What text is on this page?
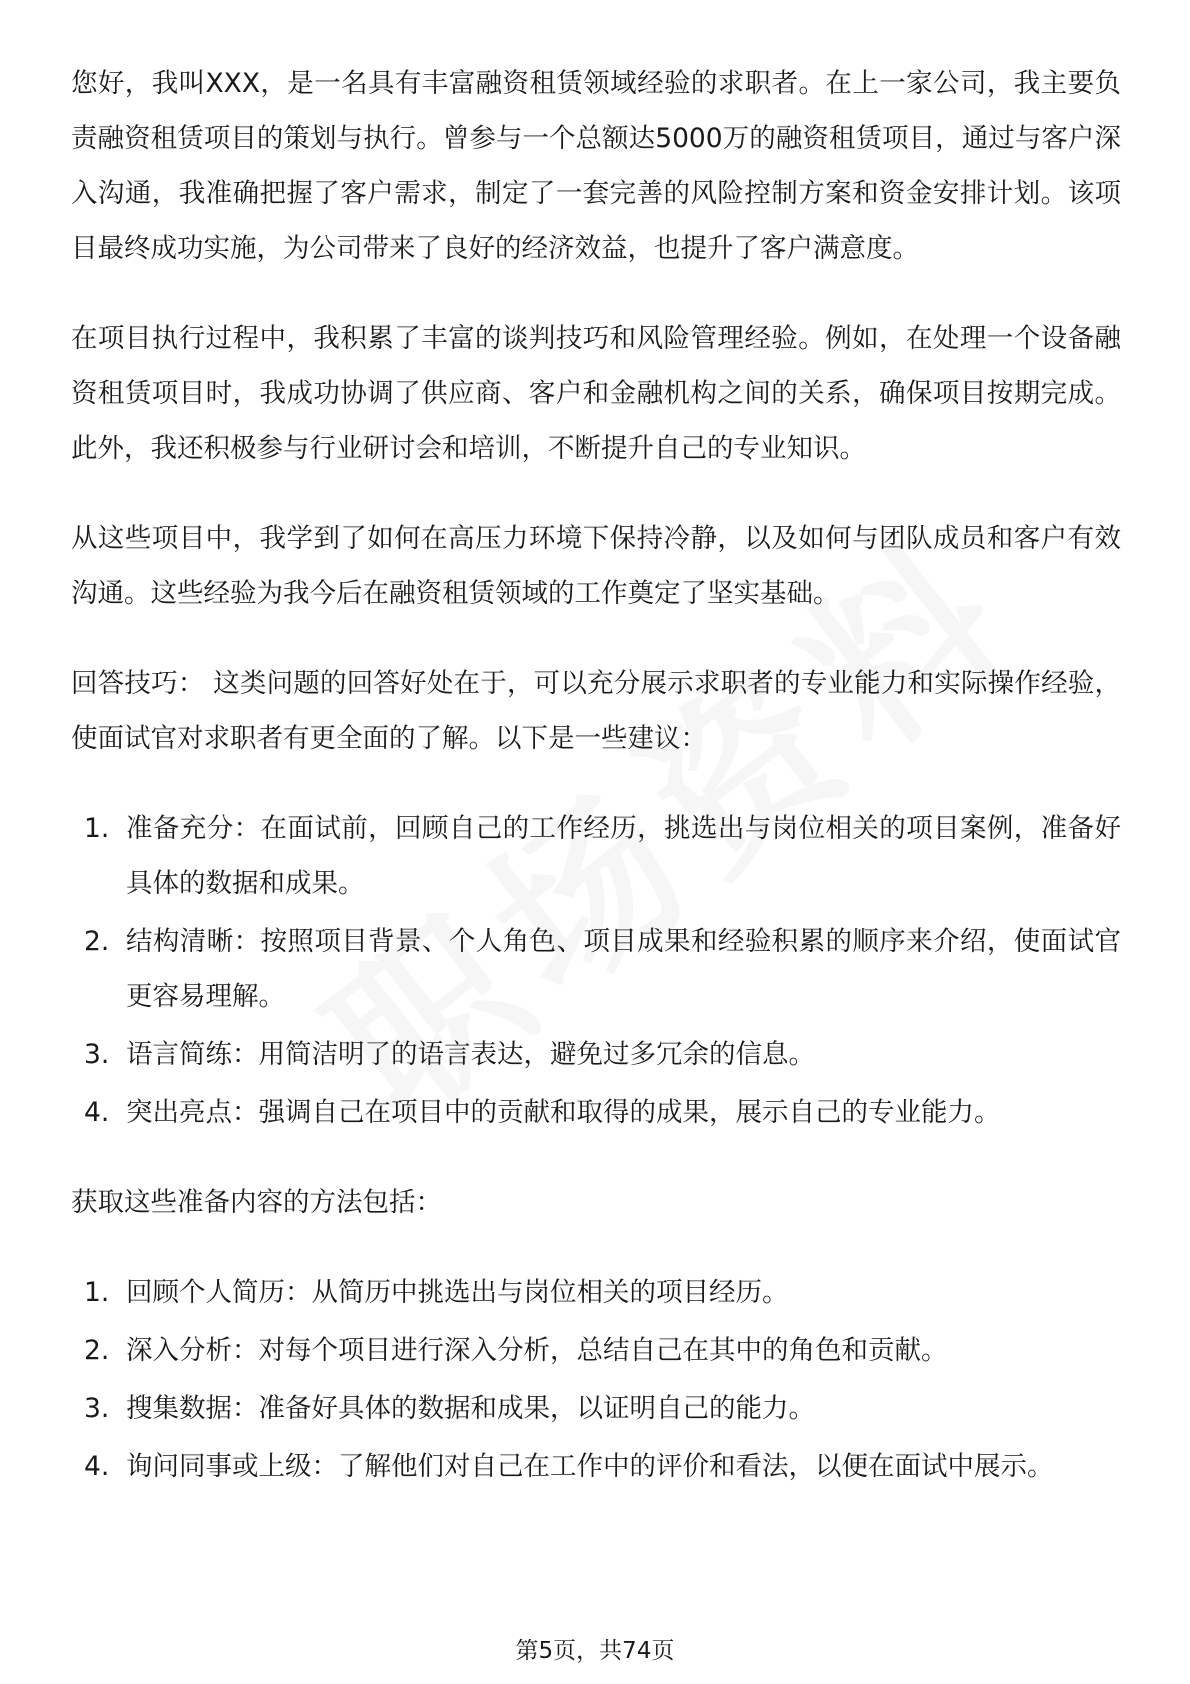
您好，我叫XXX，是一名具有丰富融资租赁领域经验的求职者。在上一家公司，我主要负责融资租赁项目的策划与执行。曾参与一个总额达5000万的融资租赁项目，通过与客户深入沟通，我准确把握了客户需求，制定了一套完善的风险控制方案和资金安排计划。该项目最终成功实施，为公司带来了良好的经济效益，也提升了客户满意度。

在项目执行过程中，我积累了丰富的谈判技巧和风险管理经验。例如，在处理一个设备融资租赁项目时，我成功协调了供应商、客户和金融机构之间的关系，确保项目按期完成。此外，我还积极参与行业研讨会和培训，不断提升自己的专业知识。

从这些项目中，我学到了如何在高压力环境下保持冷静，以及如何与团队成员和客户有效沟通。这些经验为我今后在融资租赁领域的工作奠定了坚实基础。

回答技巧： 这类问题的回答好处在于，可以充分展示求职者的专业能力和实际操作经验，使面试官对求职者有更全面的了解。以下是一些建议：

1. 准备充分：在面试前，回顾自己的工作经历，挑选出与岗位相关的项目案例，准备好具体的数据和成果。
2. 结构清晰：按照项目背景、个人角色、项目成果和经验积累的顺序来介绍，使面试官更容易理解。
3. 语言简练：用简洁明了的语言表达，避免过多冗余的信息。
4. 突出亮点：强调自己在项目中的贡献和取得的成果，展示自己的专业能力。

获取这些准备内容的方法包括：

1. 回顾个人简历：从简历中挑选出与岗位相关的项目经历。
2. 深入分析：对每个项目进行深入分析，总结自己在其中的角色和贡献。
3. 搜集数据：准备好具体的数据和成果，以证明自己的能力。
4. 询问同事或上级：了解他们对自己在工作中的评价和看法，以便在面试中展示。
第5页，共74页
